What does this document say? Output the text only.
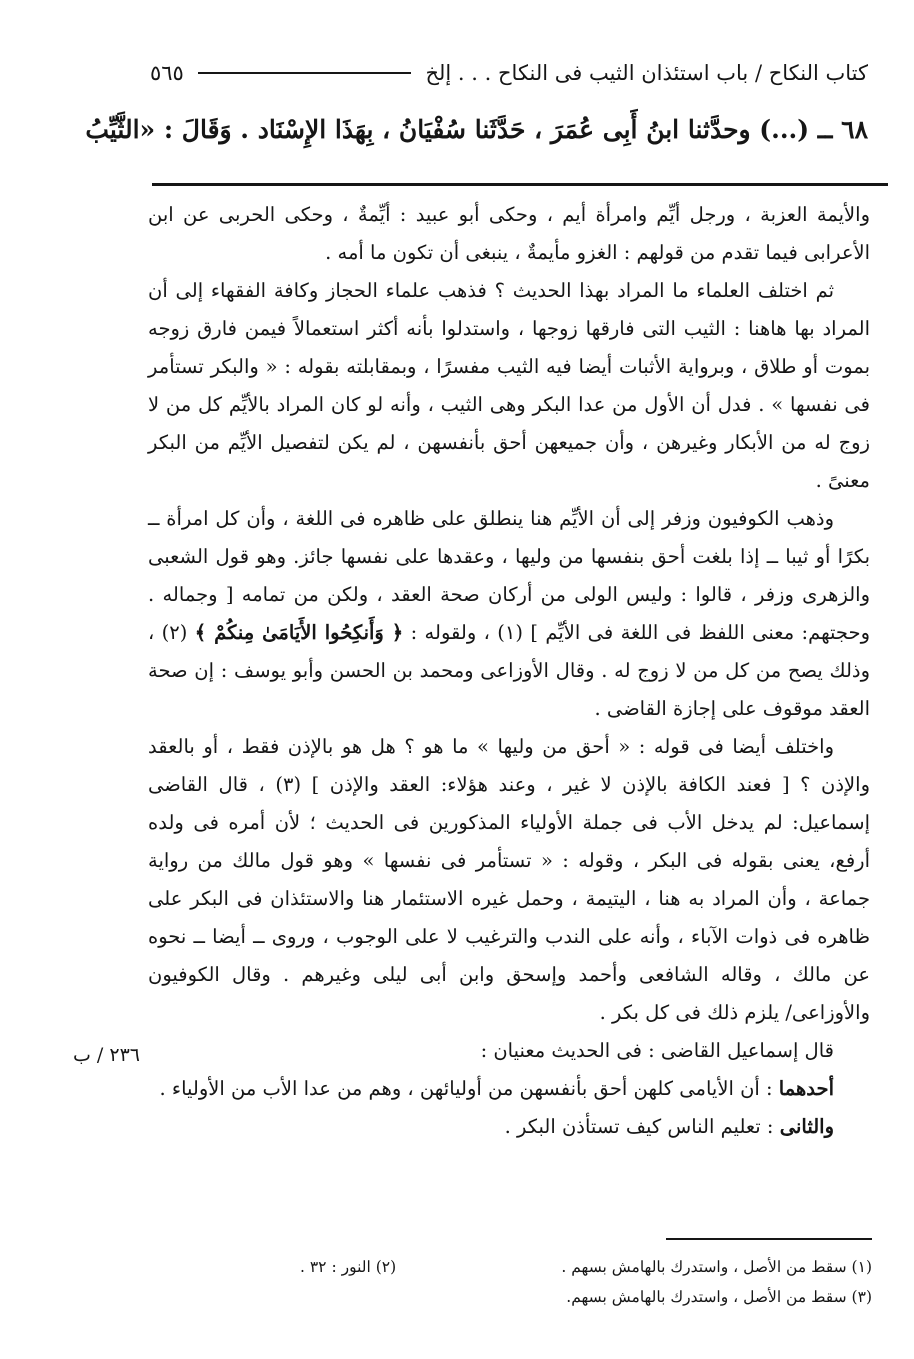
كتاب النكاح / باب استئذان الثيب فى النكاح . . . إلخ
٥٦٥
٦٨ ــ (...) وحدَّثنا ابنُ أَبِى عُمَرَ ، حَدَّثَنا سُفْيَانُ ، بِهَذَا الإِسْنَاد . وَقَالَ : «الثَّيِّبُ

والأيمة العزبة ، ورجل أيِّم وامرأة أيم ، وحكى أبو عبيد : أيِّمةٌ ، وحكى الحربى عن ابن الأعرابى فيما تقدم من قولهم : الغزو مأيمةٌ ، ينبغى أن تكون ما أمه .

ثم اختلف العلماء ما المراد بهذا الحديث ؟ فذهب علماء الحجاز وكافة الفقهاء إلى أن المراد بها هاهنا : الثيب التى فارقها زوجها ، واستدلوا بأنه أكثر استعمالاً فيمن فارق زوجه بموت أو طلاق ، وبرواية الأثبات أيضا فيه الثيب مفسرًا ، وبمقابلته بقوله : « والبكر تستأمر فى نفسها » . فدل أن الأول من عدا البكر وهى الثيب ، وأنه لو كان المراد بالأيِّم كل من لا زوج له من الأبكار وغيرهن ، وأن جميعهن أحق بأنفسهن ، لم يكن لتفصيل الأيِّم من البكر معنىً .

وذهب الكوفيون وزفر إلى أن الأيِّم هنا ينطلق على ظاهره فى اللغة ، وأن كل امرأة ــ بكرًا أو ثيبا ــ إذا بلغت أحق بنفسها من وليها ، وعقدها على نفسها جائز. وهو قول الشعبى والزهرى وزفر ، قالوا : وليس الولى من أركان صحة العقد ، ولكن من تمامه [ وجماله . وحجتهم: معنى اللفظ فى اللغة فى الأيِّم ] (١) ، ولقوله : ﴿ وَأَنكِحُوا الأَيَامَىٰ مِنكُمْ ﴾ (٢) ، وذلك يصح من كل من لا زوج له . وقال الأوزاعى ومحمد بن الحسن وأبو يوسف : إن صحة العقد موقوف على إجازة القاضى .

واختلف أيضا فى قوله : « أحق من وليها » ما هو ؟ هل هو بالإذن فقط ، أو بالعقد والإذن ؟ [ فعند الكافة بالإذن لا غير ، وعند هؤلاء: العقد والإذن ] (٣) ، قال القاضى إسماعيل: لم يدخل الأب فى جملة الأولياء المذكورين فى الحديث ؛ لأن أمره فى ولده أرفع، يعنى بقوله فى البكر ، وقوله : « تستأمر فى نفسها » وهو قول مالك من رواية جماعة ، وأن المراد به هنا ، اليتيمة ، وحمل غيره الاستئمار هنا والاستئذان فى البكر على ظاهره فى ذوات الآباء ، وأنه على الندب والترغيب لا على الوجوب ، وروى ــ أيضا ــ نحوه عن مالك ، وقاله الشافعى وأحمد وإسحق وابن أبى ليلى وغيرهم . وقال الكوفيون والأوزاعى/ يلزم ذلك فى كل بكر .

قال إسماعيل القاضى : فى الحديث معنيان :

أحدهما : أن الأيامى كلهن أحق بأنفسهن من أوليائهن ، وهم من عدا الأب من الأولياء .

والثانى : تعليم الناس كيف تستأذن البكر .

٢٣٦ / ب
(١) سقط من الأصل ، واستدرك بالهامش بسهم .
(٢) النور : ٣٢ .
(٣) سقط من الأصل ، واستدرك بالهامش بسهم.
